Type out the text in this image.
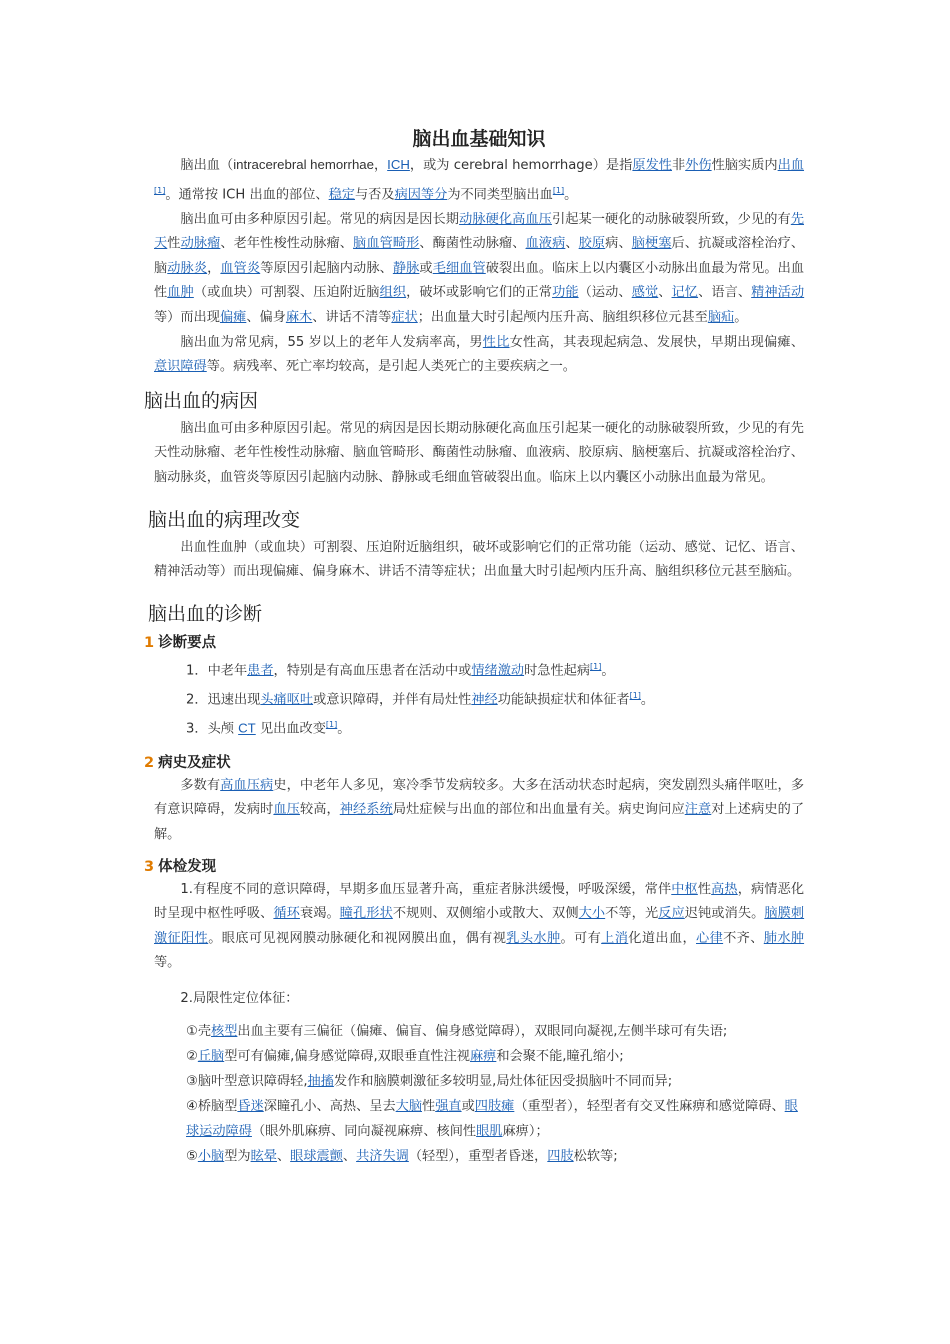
脑出血基础知识

脑出血（intracerebral hemorrhae，ICH，或为 cerebral hemorrhage）是指原发性非外伤性脑实质内出血[1]。通常按 ICH 出血的部位、稳定与否及病因等分为不同类型脑出血[1]。

脑出血可由多种原因引起。常见的病因是因长期动脉硬化高血压引起某一硬化的动脉破裂所致，少见的有先天性动脉瘤、老年性梭性动脉瘤、脑血管畸形、酶菌性动脉瘤、血液病、胶原病、脑梗塞后、抗凝或溶栓治疗、脑动脉炎，血管炎等原因引起脑内动脉、静脉或毛细血管破裂出血。临床上以内囊区小动脉出血最为常见。出血性血肿（或血块）可割裂、压迫附近脑组织，破坏或影响它们的正常功能（运动、感觉、记忆、语言、精神活动等）而出现偏瘫、偏身麻木、讲话不清等症状；出血量大时引起颅内压升高、脑组织移位元甚至脑疝。

脑出血为常见病，55 岁以上的老年人发病率高，男性比女性高，其表现起病急、发展快，早期出现偏瘫、意识障碍等。病残率、死亡率均较高，是引起人类死亡的主要疾病之一。

脑出血的病因

脑出血可由多种原因引起。常见的病因是因长期动脉硬化高血压引起某一硬化的动脉破裂所致，少见的有先天性动脉瘤、老年性梭性动脉瘤、脑血管畸形、酶菌性动脉瘤、血液病、胶原病、脑梗塞后、抗凝或溶栓治疗、脑动脉炎，血管炎等原因引起脑内动脉、静脉或毛细血管破裂出血。临床上以内囊区小动脉出血最为常见。

脑出血的病理改变

出血性血肿（或血块）可割裂、压迫附近脑组织，破坏或影响它们的正常功能（运动、感觉、记忆、语言、精神活动等）而出现偏瘫、偏身麻木、讲话不清等症状；出血量大时引起颅内压升高、脑组织移位元甚至脑疝。

脑出血的诊断
1 诊断要点
1．中老年患者，特别是有高血压患者在活动中或情绪激动时急性起病[1]。
2．迅速出现头痛呕吐或意识障碍，并伴有局灶性神经功能缺损症状和体征者[1]。
3．头颅 CT 见出血改变[1]。
2 病史及症状

多数有高血压病史，中老年人多见，寒冷季节发病较多。大多在活动状态时起病，突发剧烈头痛伴呕吐，多有意识障碍，发病时血压较高，神经系统局灶症候与出血的部位和出血量有关。病史询问应注意对上述病史的了解。

3 体检发现

1.有程度不同的意识障碍，早期多血压显著升高，重症者脉洪缓慢，呼吸深缓，常伴中枢性高热，病情恶化时呈现中枢性呼吸、循环衰竭。瞳孔形状不规则、双侧缩小或散大、双侧大小不等，光反应迟钝或消失。脑膜刺激征阳性。眼底可见视网膜动脉硬化和视网膜出血，偶有视乳头水肿。可有上消化道出血，心律不齐、肺水肿等。

2.局限性定位体征：
①壳核型出血主要有三偏征（偏瘫、偏盲、偏身感觉障碍），双眼同向凝视,左侧半球可有失语;
②丘脑型可有偏瘫,偏身感觉障碍,双眼垂直性注视麻痹和会聚不能,瞳孔缩小;
③脑叶型意识障碍轻,抽搐发作和脑膜刺激征多较明显,局灶体征因受损脑叶不同而异;
④桥脑型昏迷深瞳孔小、高热、呈去大脑性强直或四肢瘫（重型者），轻型者有交叉性麻痹和感觉障碍、眼球运动障碍（眼外肌麻痹、同向凝视麻痹、核间性眼肌麻痹）；
⑤小脑型为眩晕、眼球震颤、共济失调（轻型），重型者昏迷，四肢松软等;
